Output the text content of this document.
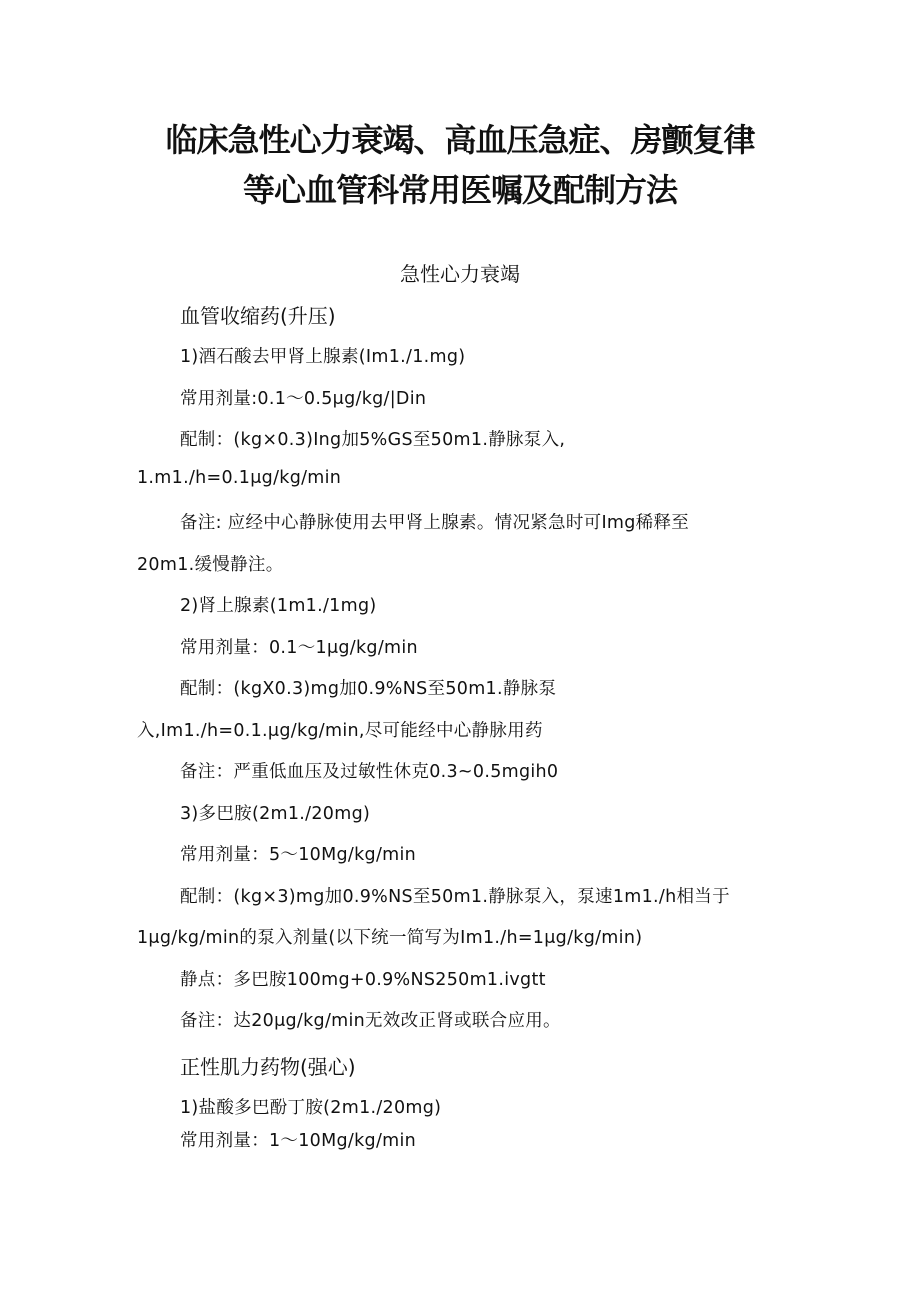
临床急性心力衰竭、高血压急症、房颤复律
等心血管科常用医嘱及配制方法
急性心力衰竭
血管收缩药(升压)
1)酒石酸去甲肾上腺素(Im1./1.mg)
常用剂量:0.1～0.5μg/kg/|Din
配制：(kg×0.3)Ing加5%GS至50m1.静脉泵入,
1.m1./h=0.1μg/kg/min
备注: 应经中心静脉使用去甲肾上腺素。情况紧急时可Img稀释至
20m1.缓慢静注。
2)肾上腺素(1m1./1mg)
常用剂量：0.1～1μg/kg/min
配制：(kgX0.3)mg加0.9%NS至50m1.静脉泵
入,Im1./h=0.1.μg/kg/min,尽可能经中心静脉用药
备注：严重低血压及过敏性休克0.3~0.5mgih0
3)多巴胺(2m1./20mg)
常用剂量：5～10Mg/kg/min
配制：(kg×3)mg加0.9%NS至50m1.静脉泵入，泵速1m1./h相当于
1μg/kg/min的泵入剂量(以下统一简写为Im1./h=1μg/kg/min)
静点：多巴胺100mg+0.9%NS250m1.ivgtt
备注：达20μg/kg/min无效改正肾或联合应用。
正性肌力药物(强心)
1)盐酸多巴酚丁胺(2m1./20mg)
常用剂量：1～10Mg/kg/min
